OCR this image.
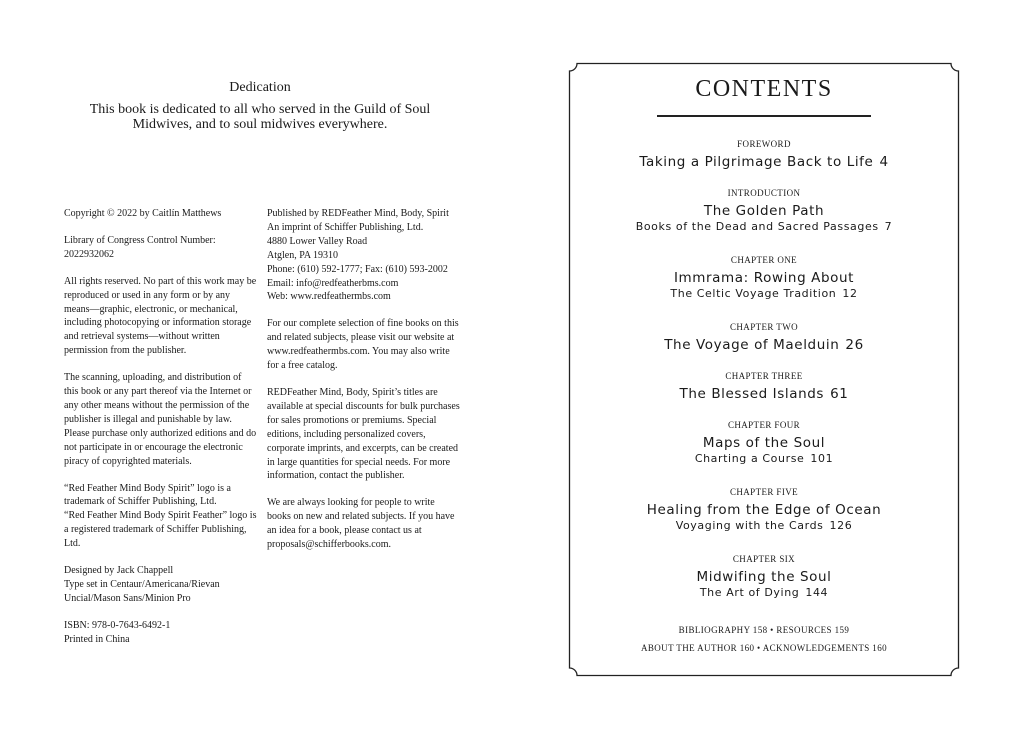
Dedication
This book is dedicated to all who served in the Guild of Soul Midwives, and to soul midwives everywhere.

Copyright © 2022 by Caitlín Matthews

Library of Congress Control Number:
2022932062

All rights reserved. No part of this work may be reproduced or used in any form or by any means—graphic, electronic, or mechanical, including photocopying or information storage and retrieval systems—without written permission from the publisher.

The scanning, uploading, and distribution of this book or any part thereof via the Internet or any other means without the permission of the publisher is illegal and punishable by law. Please purchase only authorized editions and do not participate in or encourage the electronic piracy of copyrighted materials.

“Red Feather Mind Body Spirit” logo is a trademark of Schiffer Publishing, Ltd.
“Red Feather Mind Body Spirit Feather” logo is a registered trademark of Schiffer Publishing, Ltd.

Designed by Jack Chappell
Type set in Centaur/Americana/Rievan Uncial/Mason Sans/Minion Pro

ISBN: 978-0-7643-6492-1
Printed in China

Published by REDFeather Mind, Body, Spirit
An imprint of Schiffer Publishing, Ltd.
4880 Lower Valley Road
Atglen, PA 19310
Phone: (610) 592-1777; Fax: (610) 593-2002
Email: info@redfeatherbms.com
Web: www.redfeathermbs.com

For our complete selection of fine books on this and related subjects, please visit our website at www.redfeathermbs.com. You may also write for a free catalog.

REDFeather Mind, Body, Spirit’s titles are available at special discounts for bulk purchases for sales promotions or premiums. Special editions, including personalized covers, corporate imprints, and excerpts, can be created in large quantities for special needs. For more information, contact the publisher.

We are always looking for people to write books on new and related subjects. If you have an idea for a book, please contact us at proposals@schifferbooks.com.

CONTENTS
FOREWORD
Taking a Pilgrimage Back to Life 4
INTRODUCTION
The Golden Path
Books of the Dead and Sacred Passages 7
CHAPTER ONE
Immrama: Rowing About
The Celtic Voyage Tradition 12
CHAPTER TWO
The Voyage of Maelduin 26
CHAPTER THREE
The Blessed Islands 61
CHAPTER FOUR
Maps of the Soul
Charting a Course 101
CHAPTER FIVE
Healing from the Edge of Ocean
Voyaging with the Cards 126
CHAPTER SIX
Midwifing the Soul
The Art of Dying 144
BIBLIOGRAPHY 158 • RESOURCES 159
ABOUT THE AUTHOR 160 • ACKNOWLEDGEMENTS 160
